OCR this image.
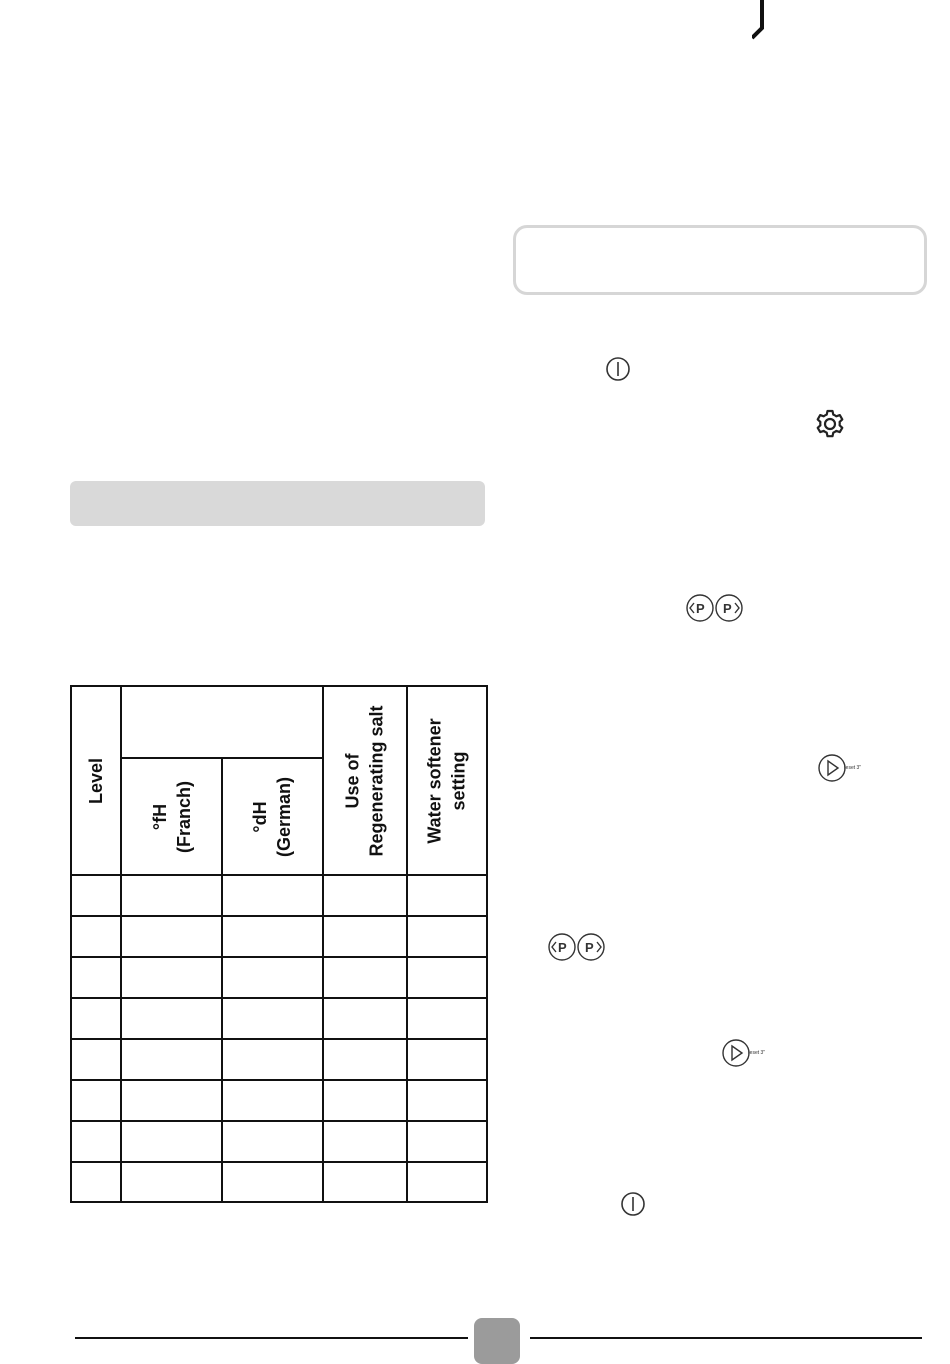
Level
°fH (Franch)	°dH (German)	Use of Regenerating salt Water softener setting
P P
reset 3"
P P
reset 3"
